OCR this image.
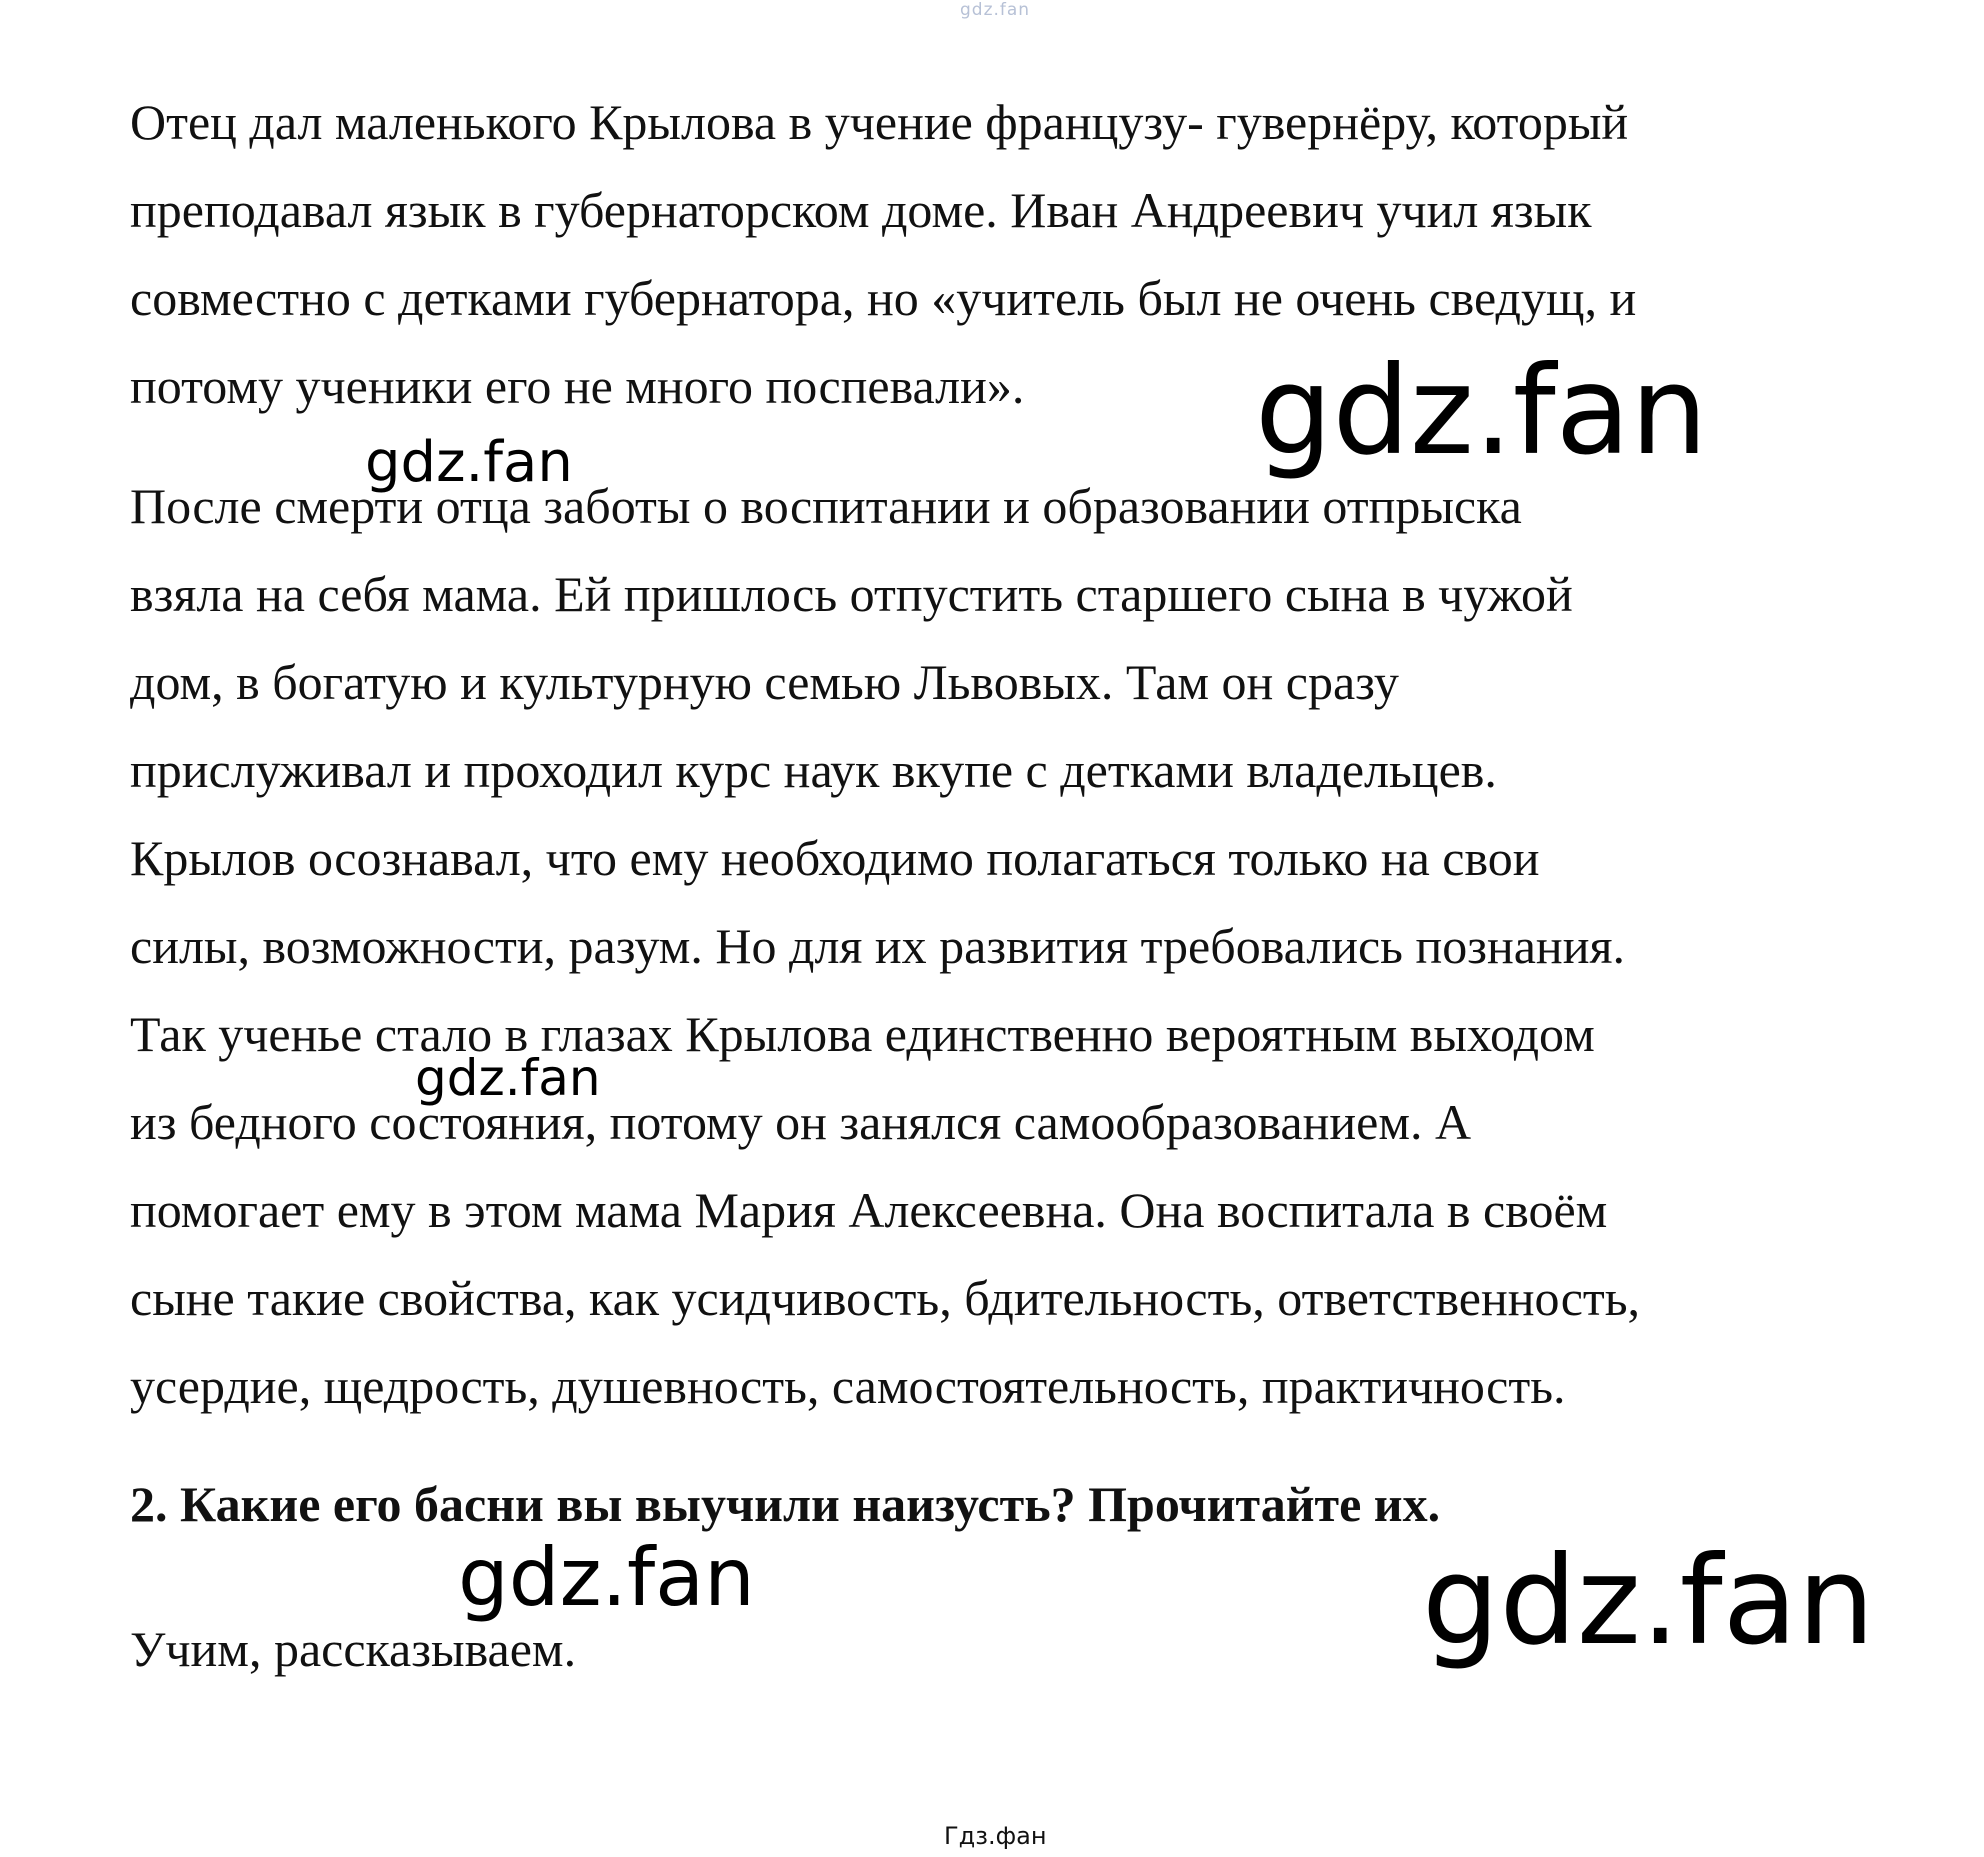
gdz.fan
Отец дал маленького Крылова в учение французу- гувернёру, который
преподавал язык в губернаторском доме. Иван Андреевич учил язык
совместно с детками губернатора, но «учитель был не очень сведущ, и
потому ученики его не много поспевали».
После смерти отца заботы о воспитании и образовании отпрыска
взяла на себя мама. Ей пришлось отпустить старшего сына в чужой
дом, в богатую и культурную семью Львовых. Там он сразу
прислуживал и проходил курс наук вкупе с детками владельцев.
Крылов осознавал, что ему необходимо полагаться только на свои
силы, возможности, разум. Но для их развития требовались познания.
Так ученье стало в глазах Крылова единственно вероятным выходом
из бедного состояния, потому он занялся самообразованием. А
помогает ему в этом мама Мария Алексеевна. Она воспитала в своём
сыне такие свойства, как усидчивость, бдительность, ответственность,
усердие, щедрость, душевность, самостоятельность, практичность.

2. Какие его басни вы выучили наизусть? Прочитайте их.

Учим, рассказываем.

gdz.fan
gdz.fan
gdz.fan
gdz.fan	gdz.fan
Гдз.фан
